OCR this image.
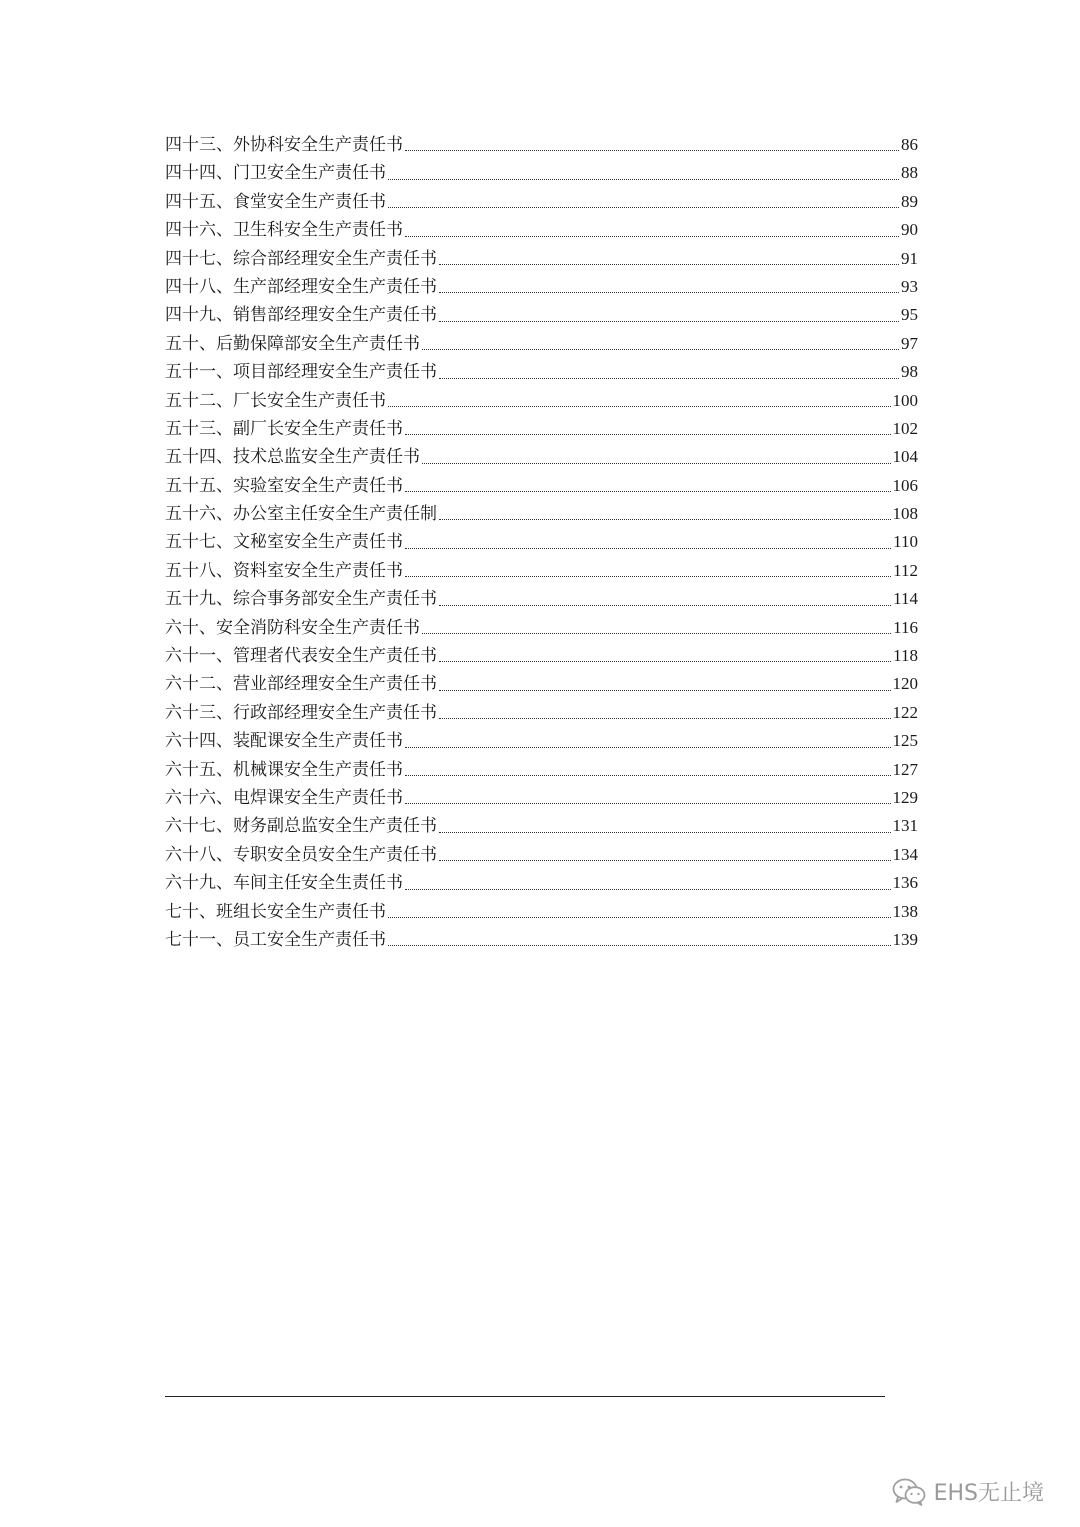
四十三、外协科安全生产责任书	86
四十四、门卫安全生产责任书	88
四十五、食堂安全生产责任书	89
四十六、卫生科安全生产责任书	90
四十七、综合部经理安全生产责任书	91
四十八、生产部经理安全生产责任书	93
四十九、销售部经理安全生产责任书	95
五十、后勤保障部安全生产责任书	97
五十一、项目部经理安全生产责任书	98
五十二、厂长安全生产责任书	100
五十三、副厂长安全生产责任书	102
五十四、技术总监安全生产责任书	104
五十五、实验室安全生产责任书	106
五十六、办公室主任安全生产责任制	108
五十七、文秘室安全生产责任书	110
五十八、资料室安全生产责任书	112
五十九、综合事务部安全生产责任书	114
六十、安全消防科安全生产责任书	116
六十一、管理者代表安全生产责任书	118
六十二、营业部经理安全生产责任书	120
六十三、行政部经理安全生产责任书	122
六十四、装配课安全生产责任书	125
六十五、机械课安全生产责任书	127
六十六、电焊课安全生产责任书	129
六十七、财务副总监安全生产责任书	131
六十八、专职安全员安全生产责任书	134
六十九、车间主任安全生责任书	136
七十、班组长安全生产责任书	138
七十一、员工安全生产责任书	139
EHS无止境
